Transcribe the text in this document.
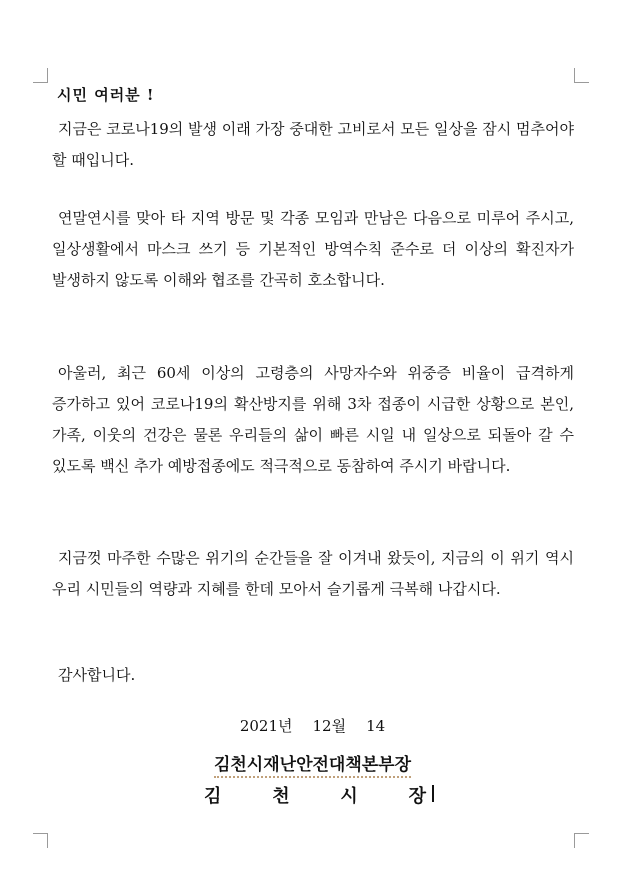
시민 여러분 !

지금은 코로나19의 발생 이래 가장 중대한 고비로서 모든 일상을 잠시 멈추어야 할 때입니다.

연말연시를 맞아 타 지역 방문 및 각종 모임과 만남은 다음으로 미루어 주시고, 일상생활에서 마스크 쓰기 등 기본적인 방역수칙 준수로 더 이상의 확진자가 발생하지 않도록 이해와 협조를 간곡히 호소합니다.

아울러, 최근 60세 이상의 고령층의 사망자수와 위중증 비율이 급격하게 증가하고 있어 코로나19의 확산방지를 위해 3차 접종이 시급한 상황으로 본인, 가족, 이웃의 건강은 물론 우리들의 삶이 빠른 시일 내 일상으로 되돌아 갈 수 있도록 백신 추가 예방접종에도 적극적으로 동참하여 주시기 바랍니다.

지금껏 마주한 수많은 위기의 순간들을 잘 이겨내 왔듯이, 지금의 이 위기 역시 우리 시민들의 역량과 지혜를 한데 모아서 슬기롭게 극복해 나갑시다.

감사합니다.

2021년 12월 14
김천시재난안전대책본부장
김	천	시	장
